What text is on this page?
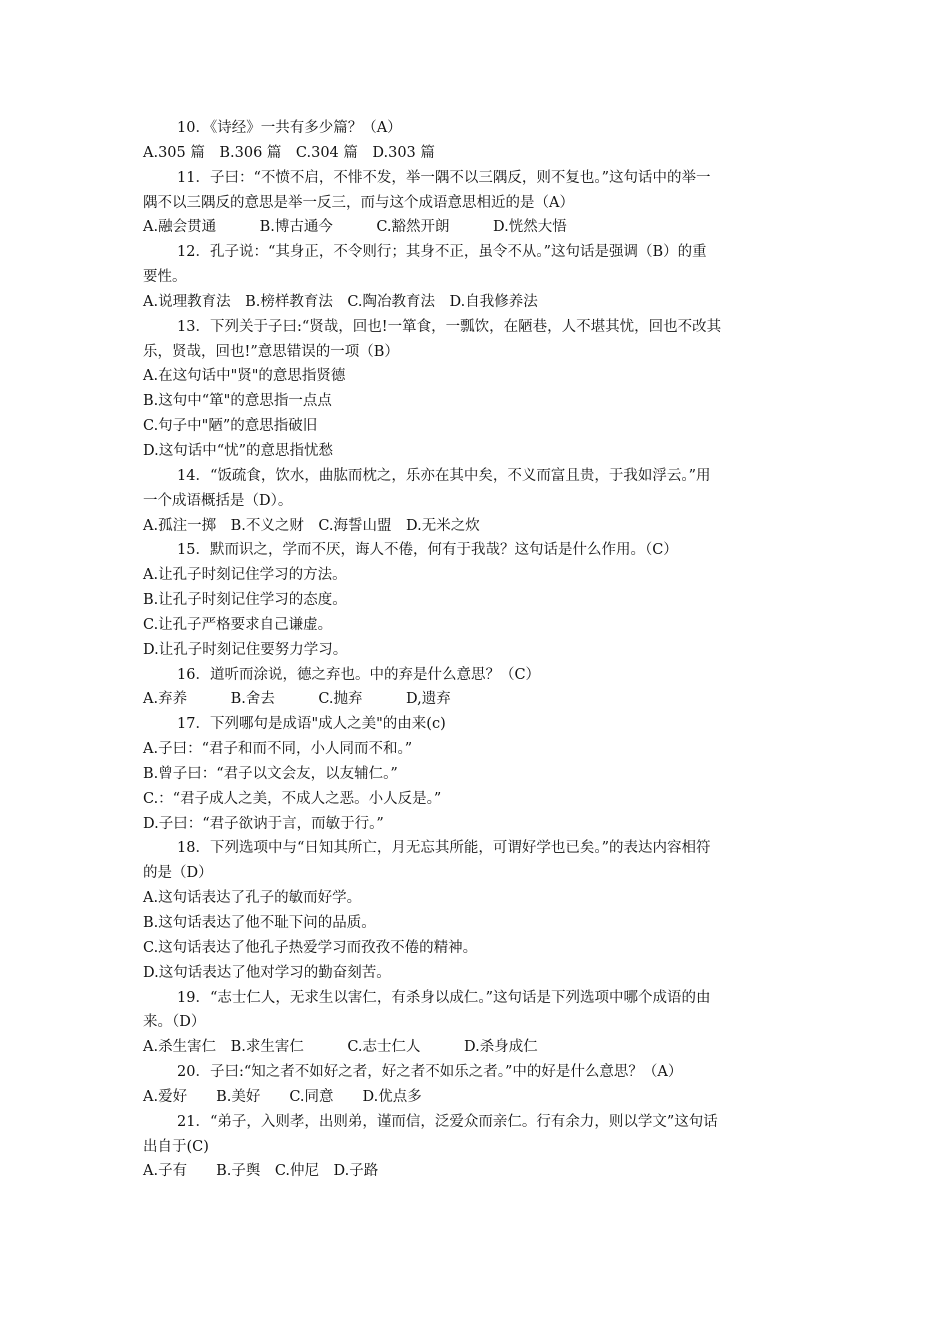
10．《诗经》一共有多少篇？（A）
A.305 篇　B.306 篇　C.304 篇　D.303 篇
11．子曰：“不愤不启，不悱不发，举一隅不以三隅反，则不复也。”这句话中的举一
隅不以三隅反的意思是举一反三，而与这个成语意思相近的是（A）
A.融会贯通　　　B.博古通今　　　C.豁然开朗　　　D.恍然大悟
12．孔子说：“其身正，不令则行；其身不正，虽令不从。”这句话是强调（B）的重
要性。
A.说理教育法　B.榜样教育法　C.陶冶教育法　D.自我修养法
13．下列关于子曰:“贤哉，回也!一箪食，一瓢饮，在陋巷，人不堪其忧，回也不改其
乐，贤哉，回也!”意思错误的一项（B）
A.在这句话中"贤"的意思指贤德
B.这句中“箪"的意思指一点点
C.句子中"陋”的意思指破旧
D.这句话中“忧”的意思指忧愁
14．“饭疏食，饮水，曲肱而枕之，乐亦在其中矣，不义而富且贵，于我如浮云。”用
一个成语概括是（D）。
A.孤注一掷　B.不义之财　C.海誓山盟　D.无米之炊
15．默而识之，学而不厌，诲人不倦，何有于我哉？这句话是什么作用。（C）
A.让孔子时刻记住学习的方法。
B.让孔子时刻记住学习的态度。
C.让孔子严格要求自己谦虚。
D.让孔子时刻记住要努力学习。
16．道听而涂说，德之弃也。中的弃是什么意思？（C）
A.弃养　　　B.舍去　　　C.抛弃　　　D,遗弃
17．下列哪句是成语"成人之美"的由来(c)
A.子曰：“君子和而不同，小人同而不和。”
B.曾子曰：“君子以文会友，以友辅仁。”
C.：“君子成人之美，不成人之恶。小人反是。”
D.子曰：“君子欲讷于言，而敏于行。”
18．下列选项中与“日知其所亡，月无忘其所能，可谓好学也已矣。”的表达内容相符
的是（D）
A.这句话表达了孔子的敏而好学。
B.这句话表达了他不耻下问的品质。
C.这句话表达了他孔子热爱学习而孜孜不倦的精神。
D.这句话表达了他对学习的勤奋刻苦。
19．“志士仁人，无求生以害仁，有杀身以成仁。”这句话是下列选项中哪个成语的由
来。（D）
A.杀生害仁　B.求生害仁　　　C.志士仁人　　　D.杀身成仁
20．子曰:“知之者不如好之者，好之者不如乐之者。”中的好是什么意思？（A）
A.爱好　　B.美好　　C.同意　　D.优点多
21．“弟子，入则孝，出则弟，谨而信，泛爱众而亲仁。行有余力，则以学文”这句话
出自于(C)
A.子有　　B.子舆　C.仲尼　D.子路
